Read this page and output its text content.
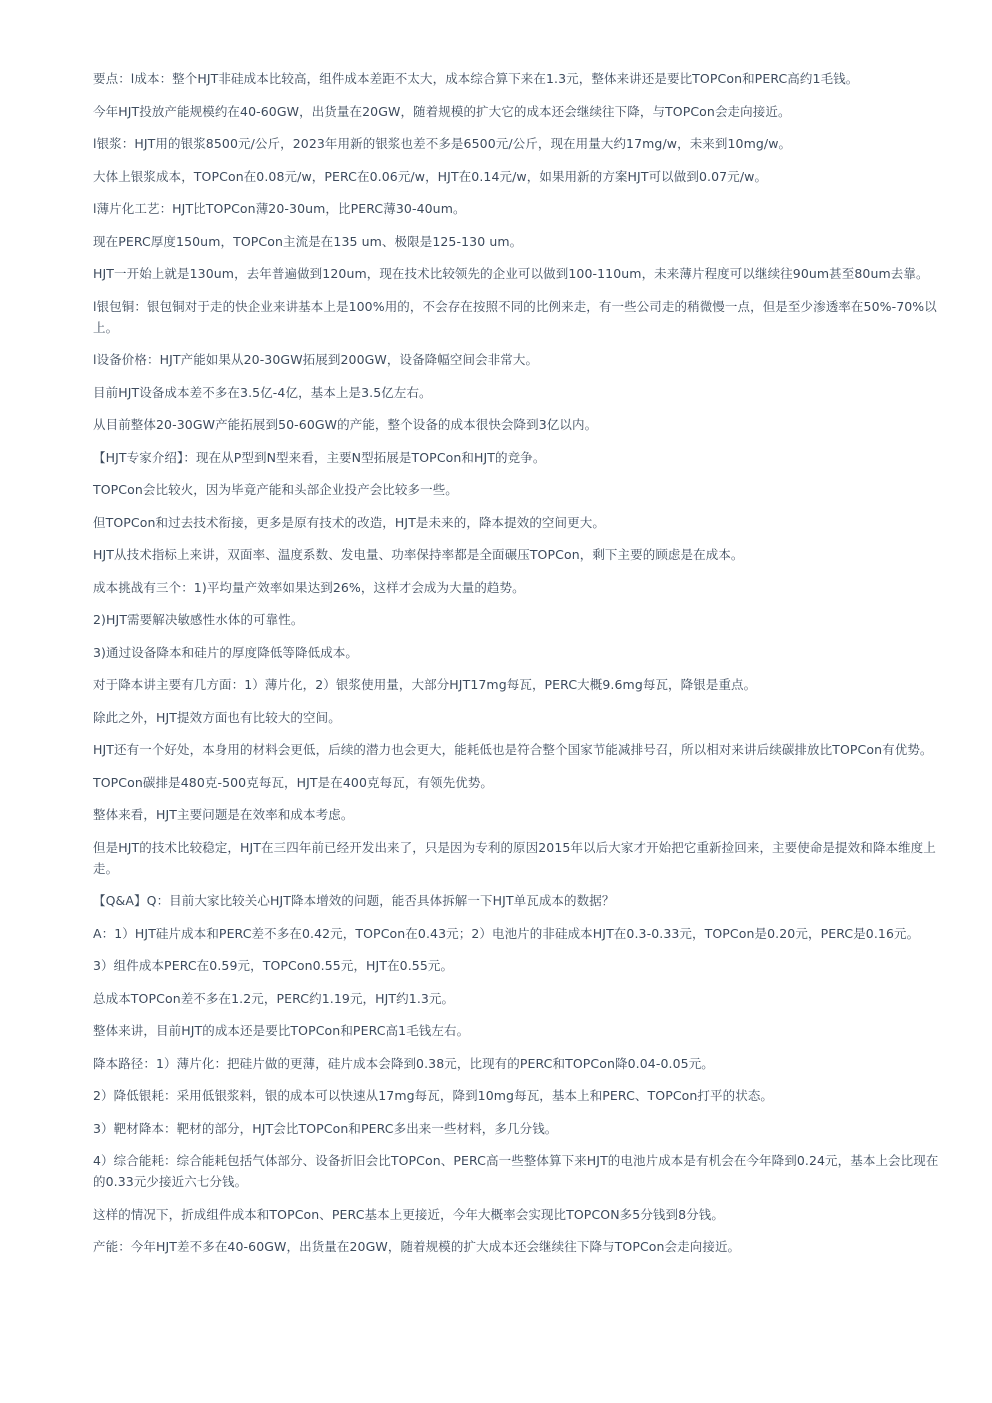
要点：l成本：整个HJT非硅成本比较高，组件成本差距不太大，成本综合算下来在1.3元，整体来讲还是要比TOPCon和PERC高约1毛钱。

今年HJT投放产能规模约在40-60GW，出货量在20GW，随着规模的扩大它的成本还会继续往下降，与TOPCon会走向接近。

l银浆：HJT用的银浆8500元/公斤，2023年用新的银浆也差不多是6500元/公斤，现在用量大约17mg/w，未来到10mg/w。

大体上银浆成本，TOPCon在0.08元/w，PERC在0.06元/w，HJT在0.14元/w，如果用新的方案HJT可以做到0.07元/w。

l薄片化工艺：HJT比TOPCon薄20-30um，比PERC薄30-40um。

现在PERC厚度150um，TOPCon主流是在135 um、极限是125-130 um。

HJT一开始上就是130um，去年普遍做到120um，现在技术比较领先的企业可以做到100-110um，未来薄片程度可以继续往90um甚至80um去靠。

l银包铜：银包铜对于走的快企业来讲基本上是100%用的，不会存在按照不同的比例来走，有一些公司走的稍微慢一点，但是至少渗透率在50%-70%以上。

l设备价格：HJT产能如果从20-30GW拓展到200GW，设备降幅空间会非常大。

目前HJT设备成本差不多在3.5亿-4亿，基本上是3.5亿左右。

从目前整体20-30GW产能拓展到50-60GW的产能，整个设备的成本很快会降到3亿以内。

【HJT专家介绍】：现在从P型到N型来看，主要N型拓展是TOPCon和HJT的竞争。

TOPCon会比较火，因为毕竟产能和头部企业投产会比较多一些。

但TOPCon和过去技术衔接，更多是原有技术的改造，HJT是未来的，降本提效的空间更大。

HJT从技术指标上来讲，双面率、温度系数、发电量、功率保持率都是全面碾压TOPCon，剩下主要的顾虑是在成本。

成本挑战有三个：1)平均量产效率如果达到26%，这样才会成为大量的趋势。

2)HJT需要解决敏感性水体的可靠性。

3)通过设备降本和硅片的厚度降低等降低成本。

对于降本讲主要有几方面：1）薄片化，2）银浆使用量，大部分HJT17mg每瓦，PERC大概9.6mg每瓦，降银是重点。

除此之外，HJT提效方面也有比较大的空间。

HJT还有一个好处，本身用的材料会更低，后续的潜力也会更大，能耗低也是符合整个国家节能减排号召，所以相对来讲后续碳排放比TOPCon有优势。

TOPCon碳排是480克-500克每瓦，HJT是在400克每瓦，有领先优势。

整体来看，HJT主要问题是在效率和成本考虑。

但是HJT的技术比较稳定，HJT在三四年前已经开发出来了，只是因为专利的原因2015年以后大家才开始把它重新捡回来，主要使命是提效和降本维度上走。

【Q&A】Q：目前大家比较关心HJT降本增效的问题，能否具体拆解一下HJT单瓦成本的数据？

A：1）HJT硅片成本和PERC差不多在0.42元，TOPCon在0.43元；2）电池片的非硅成本HJT在0.3-0.33元，TOPCon是0.20元，PERC是0.16元。

3）组件成本PERC在0.59元，TOPCon0.55元，HJT在0.55元。

总成本TOPCon差不多在1.2元，PERC约1.19元，HJT约1.3元。

整体来讲，目前HJT的成本还是要比TOPCon和PERC高1毛钱左右。

降本路径：1）薄片化：把硅片做的更薄，硅片成本会降到0.38元，比现有的PERC和TOPCon降0.04-0.05元。

2）降低银耗：采用低银浆料，银的成本可以快速从17mg每瓦，降到10mg每瓦，基本上和PERC、TOPCon打平的状态。

3）靶材降本：靶材的部分，HJT会比TOPCon和PERC多出来一些材料，多几分钱。

4）综合能耗：综合能耗包括气体部分、设备折旧会比TOPCon、PERC高一些整体算下来HJT的电池片成本是有机会在今年降到0.24元，基本上会比现在的0.33元少接近六七分钱。

这样的情况下，折成组件成本和TOPCon、PERC基本上更接近，今年大概率会实现比TOPCON多5分钱到8分钱。

产能：今年HJT差不多在40-60GW，出货量在20GW，随着规模的扩大成本还会继续往下降与TOPCon会走向接近。
